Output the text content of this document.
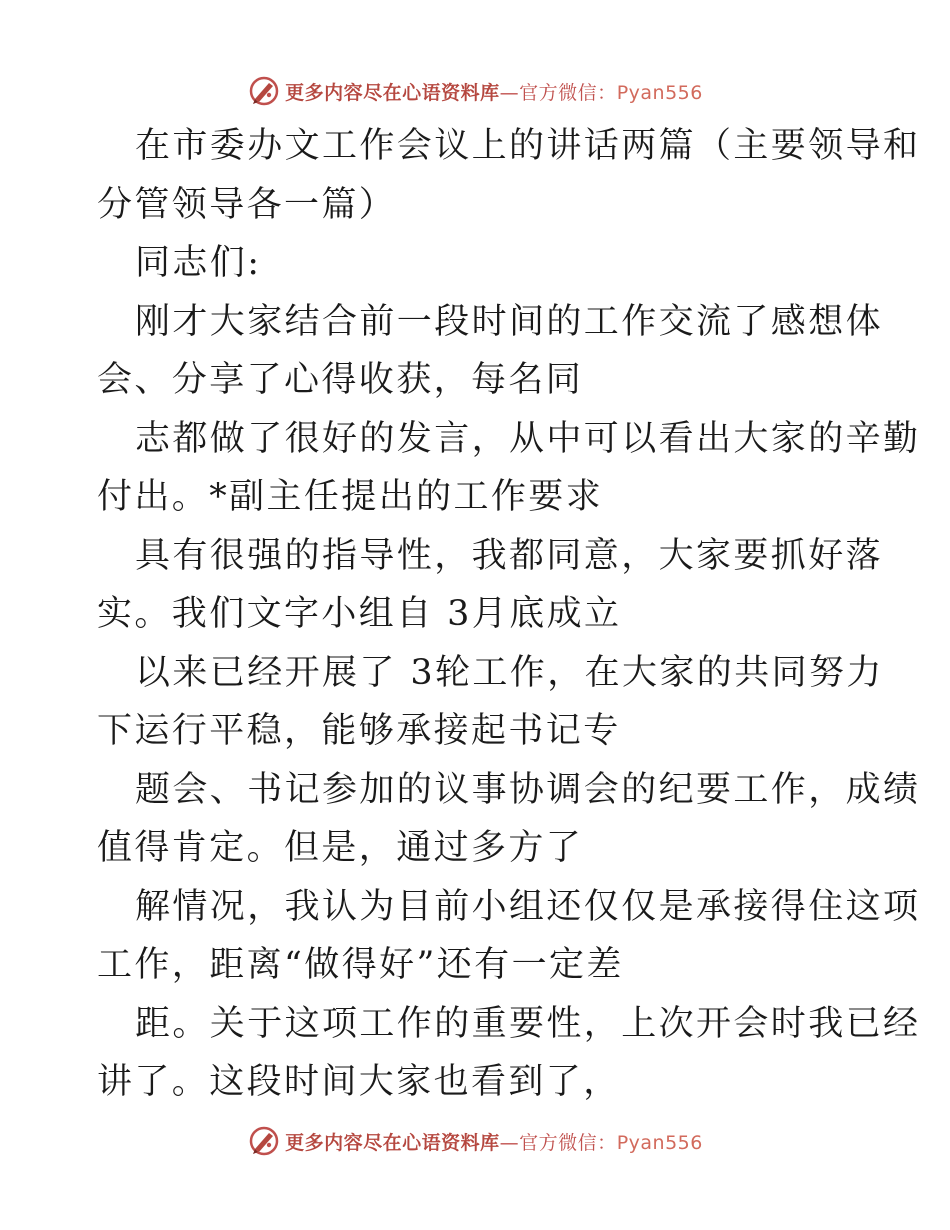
更多内容尽在心语资料库—官方微信：Pyan556
在市委办文工作会议上的讲话两篇（主要领导和
分管领导各一篇）
同志们:
刚才大家结合前一段时间的工作交流了感想体
会、分享了心得收获，每名同
志都做了很好的发言，从中可以看出大家的辛勤
付出。*副主任提出的工作要求
具有很强的指导性，我都同意，大家要抓好落
实。我们文字小组自 3月底成立
以来已经开展了 3轮工作，在大家的共同努力
下运行平稳，能够承接起书记专
题会、书记参加的议事协调会的纪要工作，成绩
值得肯定。但是，通过多方了
解情况，我认为目前小组还仅仅是承接得住这项
工作，距离“做得好”还有一定差
距。关于这项工作的重要性，上次开会时我已经
讲了。这段时间大家也看到了，
更多内容尽在心语资料库—官方微信：Pyan556
